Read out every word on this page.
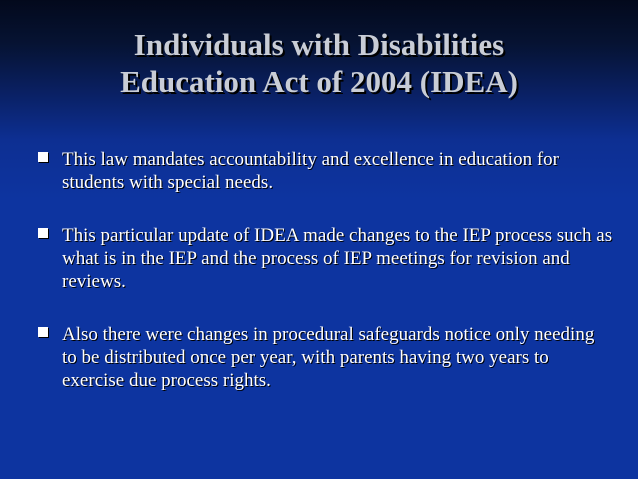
Individuals with Disabilities
Education Act of 2004 (IDEA)
This law mandates accountability and excellence in education for students with special needs.
This particular update of IDEA made changes to the IEP process such as what is in the IEP and the process of IEP meetings for revision and reviews.
Also there were changes in procedural safeguards notice only needing to be distributed once per year, with parents having two years to exercise due process rights.
